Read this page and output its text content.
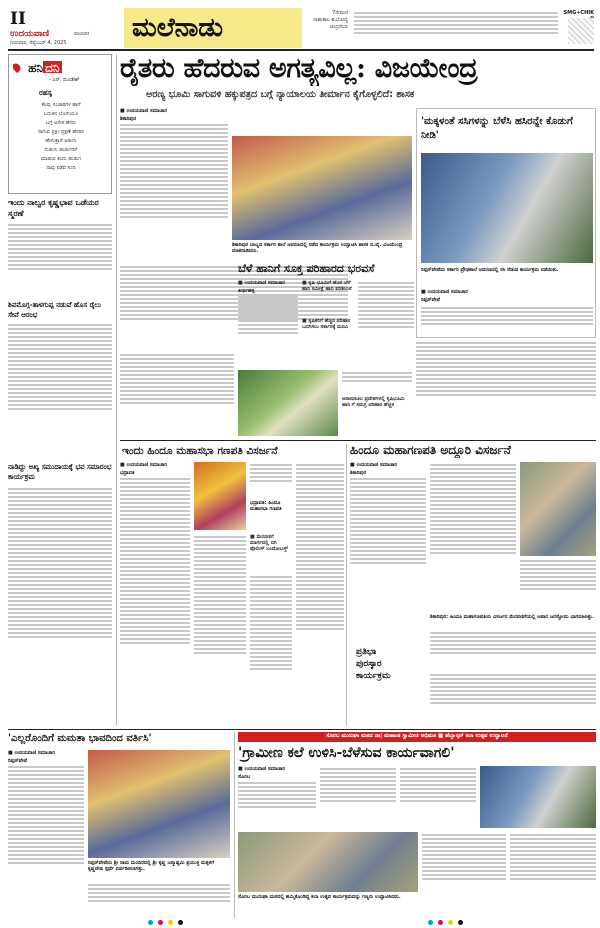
II
ಉದಯವಾಣಿ	ಪಾಲಾದಿಕ
ಗುರುವಾರ, ಸೆಪ್ಟೆಂಬರ್ 4, 2025	ಮಲೆನಾಡು	7ನೇಮಣಿ
ರಾಹುಕಾಲ ಶುಭೋದ್ಯ
ಚಂದ್ರಗೆಲಪ
SMG+CHIK
ಹನಿ ದನಿ
- ಎನ್. ದುಂಡೇಶ್
ರಹಸ್ಯ
ಕೆಲವು ಸಂಚಾರಿಗಳ ಹಾಗೆ
ಬದುಕಿನ ಬೋನಿಯೂ
ಬಗ್ಗೆ ಅನೇಕ ಹೆಸರು
ಸಾಗುವ ಪ್ರಕ್ಷೀ ಪ್ರಕ್ಷಣೆ ಹೆಸರಿನ
ಹೇಳುತ್ತಾನೆ ಅಡುಗು
ಗುಡುಗು ಹುಡುಗರಿಗೆ
ಮಾಡುವ ತಂದು ಹುಡುಗ
ನಾವು ನಡೆವ ಸಂದಿ
ಇಂದು ನಾಲ್ವರ ಕೃಷ್ಣಭಾವ ಒಡೆಯರ ಸ್ಮರಣೆ
ಶಿವಮೊಗ್ಗ-ತಾಳಗುಪ್ಪ ನಡುವೆ ಹೊಸ ರೈಲು ಸೇವೆ ಆರಂಭ
ನಾಡಿದ್ದು ಅಖ್ಯ ಸಮುದಾಯಕ್ಕೆ ಭವ ಸಮಾರಂಭ ಕಾರ್ಯಕ್ರಮ
ರೈತರು ಹೆದರುವ ಅಗತ್ಯವಿಲ್ಲ: ವಿಜಯೇಂದ್ರ
ಅರಣ್ಯ ಭೂಮಿ ಸಾಗುವಳಿ ಹಕ್ಕುಪತ್ರದ ಬಗ್ಗೆ ನ್ಯಾಯಾಲಯ ತೀರ್ಮಾನ ಕೈಗೊಳ್ಳಲಿದೆ: ಶಾಸಕ
■ ಉದಯವಾಣಿ ಸಮಾಚಾರ
ಶಿಕಾರಿಪುರ
ಶಿಕಾರಿಪುರ ಬಾಲ್ಯದ ಸರ್ಕಾರಿ ಶಾಲೆ ಆವರಣದಲ್ಲಿ ನಡೆದ ಕಾರ್ಯಕ್ರಮ ಉದ್ಘಾಟಿಸಿ ಶಾಸಕ ಬಿ.ವೈ. ವಿಜಯೇಂದ್ರ ಮಾತನಾಡಿದರು.
'ಮಕ್ಕಳಂತೆ ಸಸಿಗಳನ್ನು ಬೆಳೆಸಿ ಹಸಿರನ್ನೇ ಕೊಡುಗೆ ನೀಡಿ'
ರಿಪ್ಪನ್‌ಪೇಟೆಯ ಸರ್ಕಾರಿ ಪ್ರೌಢಶಾಲೆ ಆವರಣದಲ್ಲಿ ಸಸಿ ನೆಡುವ ಕಾರ್ಯಕ್ರಮ ನಡೆಯಿತು.
■ ಉದಯವಾಣಿ ಸಮಾಚಾರ
ರಿಪ್ಪನ್‌ಪೇಟೆ
ಬೆಳೆ ಹಾನಿಗೆ ಸೂಕ್ತ ಪರಿಹಾರದ ಭರವಸೆ
■ ಉದಯವಾಣಿ ಸಮಾಚಾರ
ತೀರ್ಥಹಳ್ಳಿ
■ ಕೃಷಿ ಭೂಮಿಗೆ ಹೊಸ ಬೆಳೆ ಹಾನಿ ಸಮೀಕ್ಷೆ ಹಾನಿ ಪರಿಶೀಲನೆ
■ ಕೃಷಿಕರಿಗೆ ಹೆಚ್ಚಿನ ಪರಿಹಾರ ಒದಗಿಸಲು ಸರ್ಕಾರಕ್ಕೆ ಮನವಿ
ಅನಾನುಕೂಲ ಪ್ರದೇಶಗಳಲ್ಲಿ ಕೃಷಿಭೂಮಿ ಹಾನಿ ಗೆ ಸಮಗ್ರ ಪರಿಹಾರ ಹೆಚ್ಚಳ
ಇಂದು ಹಿಂದೂ ಮಹಾಸಭಾ ಗಣಪತಿ ವಿಸರ್ಜನೆ
■ ಉದಯವಾಣಿ ಸಮಾಚಾರ
ಭದ್ರಾವತಿ
ಭದ್ರಾವತಿ: ಹಿಂದೂ ಮಹಾಸಭಾ ಗಣಪತಿ
■ ಮೆರವಣಿಗೆ ಮಾರ್ಗದಲ್ಲಿ ಬಿಗಿ ಪೊಲೀಸ್ ಬಂದೋಬಸ್ತ್
ಹಿಂದೂ ಮಹಾಗಣಪತಿ ಅದ್ದೂರಿ ವಿಸರ್ಜನೆ
■ ಉದಯವಾಣಿ ಸಮಾಚಾರ
ಶಿಕಾರಿಪುರ
ಶಿಕಾರಿಪುರ: ಹಿಂದೂ ಮಹಾಗಣಪತಿಯ ವಿಸರ್ಜನ ಮೆರವಣಿಗೆಯಲ್ಲಿ ಅಪಾರ ಜನಸ್ತೋಮ ಭಾಗವಹಿಸಿತ್ತು.
ಪ್ರತಿಭಾ
ಪುರಸ್ಕಾರ
ಕಾರ್ಯಕ್ರಮ
'ಎಲ್ಲರೊಂದಿಗೆ ಮಮತಾ ಭಾವದಿಂದ ವರ್ತಿಸಿ'
■ ಉದಯವಾಣಿ ಸಮಾಚಾರ
ರಿಪ್ಪನ್‌ಪೇಟೆ
ರಿಪ್ಪನ್‌ಪೇಟೆಯ ಶ್ರೀ ರಾಮ ಮಂದಿರದಲ್ಲಿ ಶ್ರೀ ಕೃಷ್ಣ ಜನ್ಮಾಷ್ಟಮಿ ಪ್ರಯುಕ್ತ ಮಕ್ಕಳಿಗೆ ಕೃಷ್ಣವೇಷ ಸ್ಪರ್ಧೆ ಏರ್ಪಡಿಸಲಾಗಿತ್ತು.
ಸೊರಬ ಮುರುಘಾ ಮಠದ ಡಾ| ಮಹಾಂತ ಸ್ವಾಮೀಜಿ ಅಭಿಮತ ■ ಹೆಬ್ಬಾಳ್ಕರ್ ಕಲಾ ಉತ್ಸವ ಉದ್ಘಾಟನೆ
'ಗ್ರಾಮೀಣ ಕಲೆ ಉಳಿಸಿ-ಬೆಳೆಸುವ ಕಾರ್ಯವಾಗಲಿ'
■ ಉದಯವಾಣಿ ಸಮಾಚಾರ
ಸೊರಬ
ಸೊರಬ ಮುರುಘಾ ಮಠದಲ್ಲಿ ಹಮ್ಮಿಕೊಂಡಿದ್ದ ಕಲಾ ಉತ್ಸವ ಕಾರ್ಯಕ್ರಮವನ್ನು ಗಣ್ಯರು ಉದ್ಘಾಟಿಸಿದರು.
